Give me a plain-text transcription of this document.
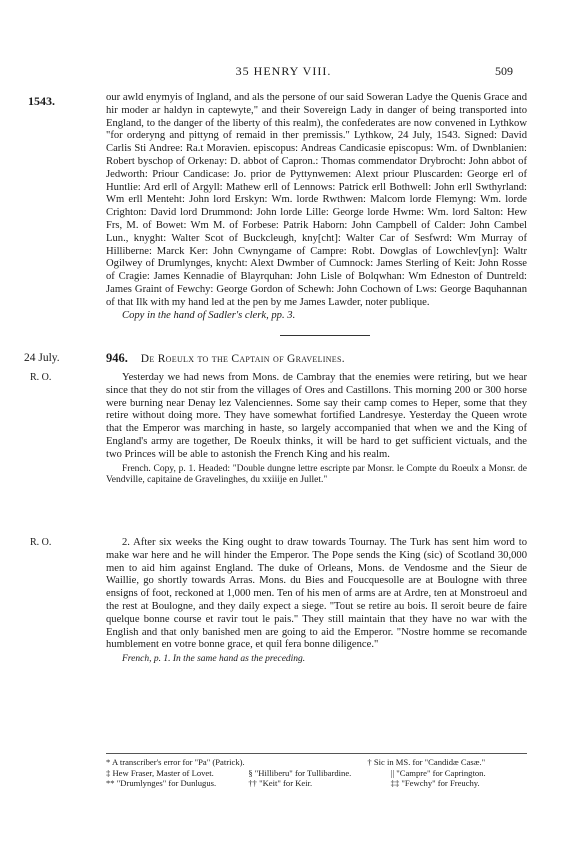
1543.
35 HENRY VIII.	509

our awld enymyis of Ingland, and als the persone of our said Soweran Ladye the Quenis Grace and hir moder ar haldyn in captewyte," and their Sovereign Lady in danger of being transported into England, to the danger of the liberty of this realm), the confederates are now convened in Lythkow "for orderyng and pittyng of remaid in ther premissis." Lythkow, 24 July, 1543. Signed: David Carlis Sti Andree: Ra.t Moravien. episcopus: Andreas Candicasie episcopus: Wm. of Dwnblanien: Robert byschop of Orkenay: D. abbot of Capron.: Thomas commendator Drybrocht: John abbot of Jedworth: Priour Candicase: Jo. prior de Pyttynwemen: Alext priour Pluscarden: George erl of Huntlie: Ard erll of Argyll: Mathew erll of Lennows: Patrick erll Bothwell: John erll Swthyrland: Wm erll Menteht: John lord Erskyn: Wm. lorde Rwthwen: Malcom lorde Flemyng: Wm. lorde Crighton: David lord Drummond: John lorde Lille: George lorde Hwme: Wm. lord Salton: Hew Frs, M. of Bowet: Wm M. of Forbese: Patrik Haborn: John Campbell of Calder: John Cambel Lun., knyght: Walter Scot of Buckcleugh, kny[cht]: Walter Car of Sesfwrd: Wm Murray of Hilliberne: Marck Ker: John Cwnyngame of Campre: Robt. Dowglas of Lowchlev[yn]: Waltr Ogilwey of Drumlynges, knycht: Alext Dwmber of Cumnock: James Sterling of Keit: John Rosse of Cragie: James Kennadie of Blayrquhan: John Lisle of Bolqwhan: Wm Edneston of Duntreld: James Graint of Fewchy: George Gordon of Schewh: John Cochown of Lws: George Baquhannan of that Ilk with my hand led at the pen by me James Lawder, noter publique.

Copy in the hand of Sadler's clerk, pp. 3.

24 July.	946. De Roeulx to the Captain of Gravelines.
R. O.	Yesterday we had news from Mons. de Cambray that the enemies were retiring, but we hear since that they do not stir from the villages of Ores and Castillons. This morning 200 or 300 horse were burning near Denay lez Valenciennes. Some say their camp comes to Heper, some that they retire without doing more. They have somewhat fortified Landresye. Yesterday the Queen wrote that the Emperor was marching in haste, so largely accompanied that when we and the King of England's army are together, De Roeulx thinks, it will be hard to get sufficient victuals, and the two Princes will be able to astonish the French King and his realm.

French. Copy, p. 1. Headed: "Double dungne lettre escripte par Monsr. le Compte du Roeulx a Monsr. de Vendville, capitaine de Gravelinghes, du xxiiije en Jullet."

R. O.	2. After six weeks the King ought to draw towards Tournay. The Turk has sent him word to make war here and he will hinder the Emperor. The Pope sends the King (sic) of Scotland 30,000 men to aid him against England. The duke of Orleans, Mons. de Vendosme and the Sieur de Waillie, go shortly towards Arras. Mons. du Bies and Foucquesolle are at Boulogne with three ensigns of foot, reckoned at 1,000 men. Ten of his men of arms are at Ardre, ten at Monstroeul and the rest at Boulogne, and they daily expect a siege. "Tout se retire au bois. Il seroit beure de faire quelque bonne course et ravir tout le pais." They still maintain that they have no war with the English and that only banished men are going to aid the Emperor. "Nostre homme se recomande humblement en votre bonne grace, et quil fera bonne diligence."

French, p. 1. In the same hand as the preceding.

* A transcriber's error for "Pa" (Patrick).	† Sic in MS. for "Candidæ Casæ."

‡ Hew Fraser, Master of Lovet.	§ "Hilliberu" for Tullibardine.	|| "Campre" for Caprington.

** "Drumlynges" for Dunlugus.	†† "Keit" for Keir.	‡‡ "Fewchy" for Freuchy.
